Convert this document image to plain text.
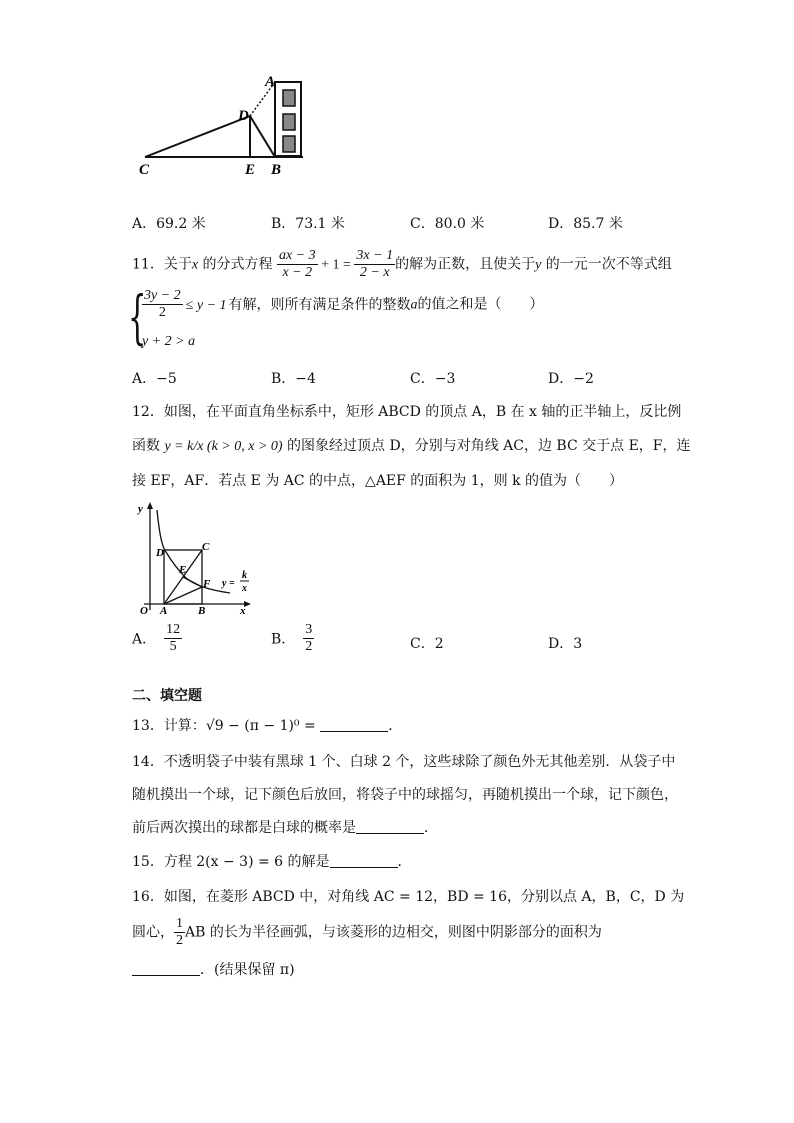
A
D
C	E B
A．69.2 米	B．73.1 米	C．80.0 米	D．85.7 米
11．关于x 的分式方程 $\frac{ax - 3}{x - 2} + 1 = \frac{3x - 1}{2 - x}$ 的解为正数，且使关于y 的一元一次不等式组
{
$\frac{3y - 2}{2} \le y - 1$ 有解，则所有满足条件的整数a的值之和是（　　）
y + 2 > a
A．−5	B．−4	C．−3	D．−2
12．如图，在平面直角坐标系中，矩形 ABCD 的顶点 A，B 在 x 轴的正半轴上，反比例
函数 y = k/x (k > 0, x > 0) 的图象经过顶点 D，分别与对角线 AC，边 BC 交于点 E，F，连
接 EF，AF．若点 E 为 AC 的中点，△AEF 的面积为 1，则 k 的值为（　　）
y
x
O A	B
C
D
E
F y =
k
x
A． $\frac{12}{5}$	B． $\frac{3}{2}$	C．2	D．3
二、填空题
13．计算：√9 − (π − 1)⁰ =	．
14．不透明袋子中装有黑球 1 个、白球 2 个，这些球除了颜色外无其他差别．从袋子中
随机摸出一个球，记下颜色后放回，将袋子中的球摇匀，再随机摸出一个球，记下颜色，
前后两次摸出的球都是白球的概率是	．
15．方程 2(x − 3) = 6 的解是	．
16．如图，在菱形 ABCD 中，对角线 AC = 12，BD = 16，分别以点 A，B，C，D 为
圆心， $\frac{1}{2}$ AB 的长为半径画弧，与该菱形的边相交，则图中阴影部分的面积为
．(结果保留 π)
